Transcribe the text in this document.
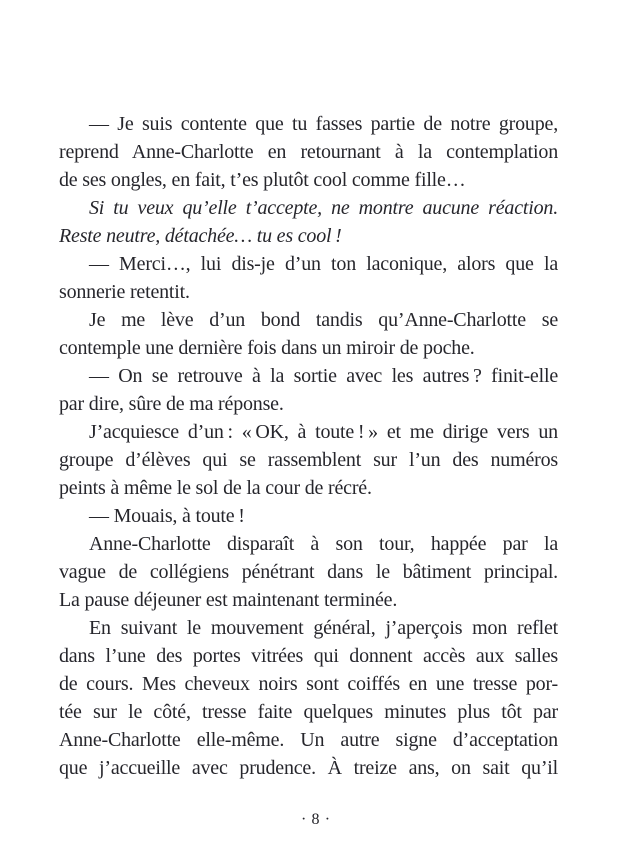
— Je suis contente que tu fasses partie de notre groupe,
reprend Anne-Charlotte en retournant à la contemplation
de ses ongles, en fait, t’es plutôt cool comme fille…
Si tu veux qu’elle t’accepte, ne montre aucune réaction.
Reste neutre, détachée… tu es cool !
— Merci…, lui dis-je d’un ton laconique, alors que la
sonnerie retentit.
Je me lève d’un bond tandis qu’Anne-Charlotte se
contemple une dernière fois dans un miroir de poche.
— On se retrouve à la sortie avec les autres ? finit-elle
par dire, sûre de ma réponse.
J’acquiesce d’un : « OK, à toute ! » et me dirige vers un
groupe d’élèves qui se rassemblent sur l’un des numéros
peints à même le sol de la cour de récré.
— Mouais, à toute !
Anne-Charlotte disparaît à son tour, happée par la
vague de collégiens pénétrant dans le bâtiment principal.
La pause déjeuner est maintenant terminée.
En suivant le mouvement général, j’aperçois mon reflet
dans l’une des portes vitrées qui donnent accès aux salles
de cours. Mes cheveux noirs sont coiffés en une tresse por-
tée sur le côté, tresse faite quelques minutes plus tôt par
Anne-Charlotte elle-même. Un autre signe d’acceptation
que j’accueille avec prudence. À treize ans, on sait qu’il
· 8 ·
